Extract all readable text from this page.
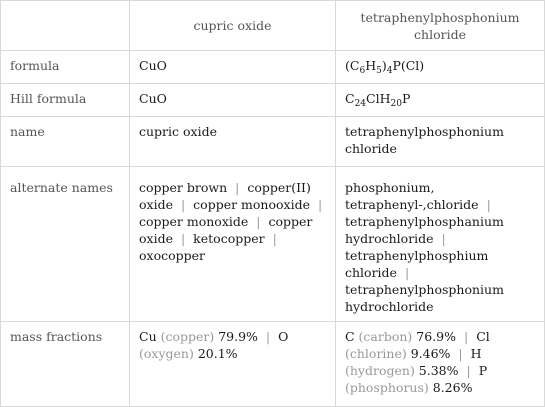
	cupric oxide	tetraphenylphosphonium chloride
formula	CuO	$(C_6H_5)_4P(Cl)$
Hill formula	CuO	$C_{24}ClH_{20}P$
name	cupric oxide	tetraphenylphosphonium chloride
alternate names	copper brown | copper(II) oxide | copper monooxide | copper monoxide | copper oxide | ketocopper | oxocopper	phosphonium, tetraphenyl-,chloride | tetraphenylphosphanium hydrochloride | tetraphenylphosphium chloride | tetraphenylphosphonium hydrochloride
mass fractions	Cu (copper) 79.9% | O (oxygen) 20.1%	C (carbon) 76.9% | Cl (chlorine) 9.46% | H (hydrogen) 5.38% | P (phosphorus) 8.26%
